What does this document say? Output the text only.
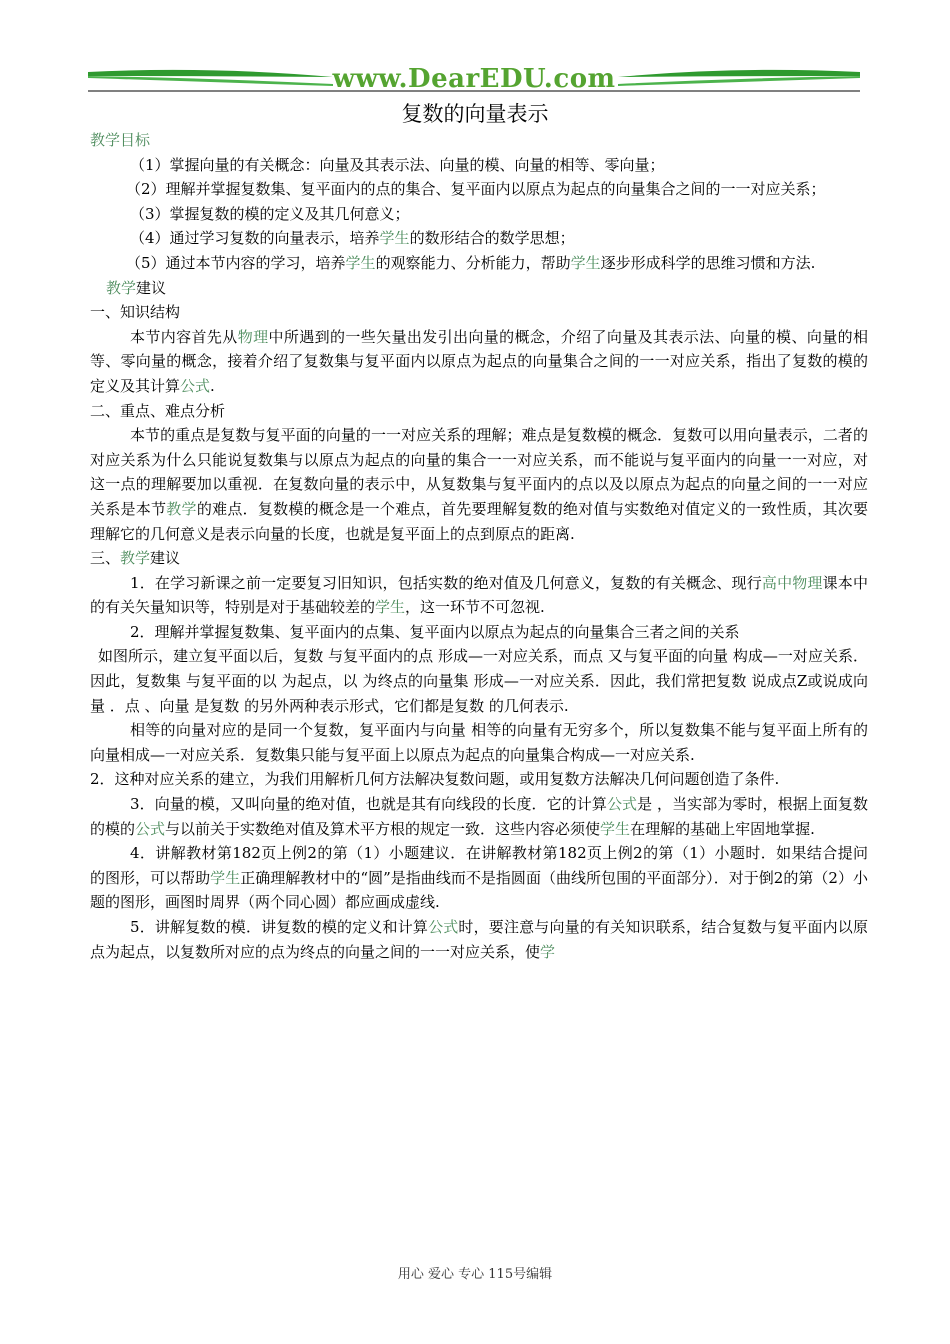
www.DearEDU.com
复数的向量表示

教学目标

（1）掌握向量的有关概念：向量及其表示法、向量的模、向量的相等、零向量；

（2）理解并掌握复数集、复平面内的点的集合、复平面内以原点为起点的向量集合之间的一一对应关系；

（3）掌握复数的模的定义及其几何意义；

（4）通过学习复数的向量表示，培养学生的数形结合的数学思想；

（5）通过本节内容的学习，培养学生的观察能力、分析能力，帮助学生逐步形成科学的思维习惯和方法.

教学建议

一、知识结构

本节内容首先从物理中所遇到的一些矢量出发引出向量的概念，介绍了向量及其表示法、向量的模、向量的相等、零向量的概念，接着介绍了复数集与复平面内以原点为起点的向量集合之间的一一对应关系，指出了复数的模的定义及其计算公式.

二、重点、难点分析

本节的重点是复数与复平面的向量的一一对应关系的理解；难点是复数模的概念．复数可以用向量表示，二者的对应关系为什么只能说复数集与以原点为起点的向量的集合一一对应关系，而不能说与复平面内的向量一一对应，对这一点的理解要加以重视．在复数向量的表示中，从复数集与复平面内的点以及以原点为起点的向量之间的一一对应关系是本节教学的难点．复数模的概念是一个难点，首先要理解复数的绝对值与实数绝对值定义的一致性质，其次要理解它的几何意义是表示向量的长度，也就是复平面上的点到原点的距离.

三、教学建议

1．在学习新课之前一定要复习旧知识，包括实数的绝对值及几何意义，复数的有关概念、现行高中物理课本中的有关矢量知识等，特别是对于基础较差的学生，这一环节不可忽视.

2．理解并掌握复数集、复平面内的点集、复平面内以原点为起点的向量集合三者之间的关系

如图所示，建立复平面以后，复数 与复平面内的点 形成—一对应关系，而点 又与复平面的向量 构成—一对应关系．因此，复数集 与复平面的以 为起点，以 为终点的向量集 形成—一对应关系．因此，我们常把复数 说成点Z或说成向量 ．点 、向量 是复数 的另外两种表示形式，它们都是复数 的几何表示.

相等的向量对应的是同一个复数，复平面内与向量 相等的向量有无穷多个，所以复数集不能与复平面上所有的向量相成—一对应关系．复数集只能与复平面上以原点为起点的向量集合构成—一对应关系.

2．这种对应关系的建立，为我们用解析几何方法解决复数问题，或用复数方法解决几何问题创造了条件.

3．向量的模，又叫向量的绝对值，也就是其有向线段的长度．它的计算公式是 ，当实部为零时，根据上面复数的模的公式与以前关于实数绝对值及算术平方根的规定一致．这些内容必须使学生在理解的基础上牢固地掌握.

4．讲解教材第182页上例2的第（1）小题建议．在讲解教材第182页上例2的第（1）小题时．如果结合提问 的图形，可以帮助学生正确理解教材中的“圆”是指曲线而不是指圆面（曲线所包围的平面部分）．对于倒2的第（2）小题的图形，画图时周界（两个同心圆）都应画成虚线.

5．讲解复数的模．讲复数的模的定义和计算公式时，要注意与向量的有关知识联系，结合复数与复平面内以原点为起点，以复数所对应的点为终点的向量之间的一一对应关系，使学

用心 爱心 专心 115号编辑
